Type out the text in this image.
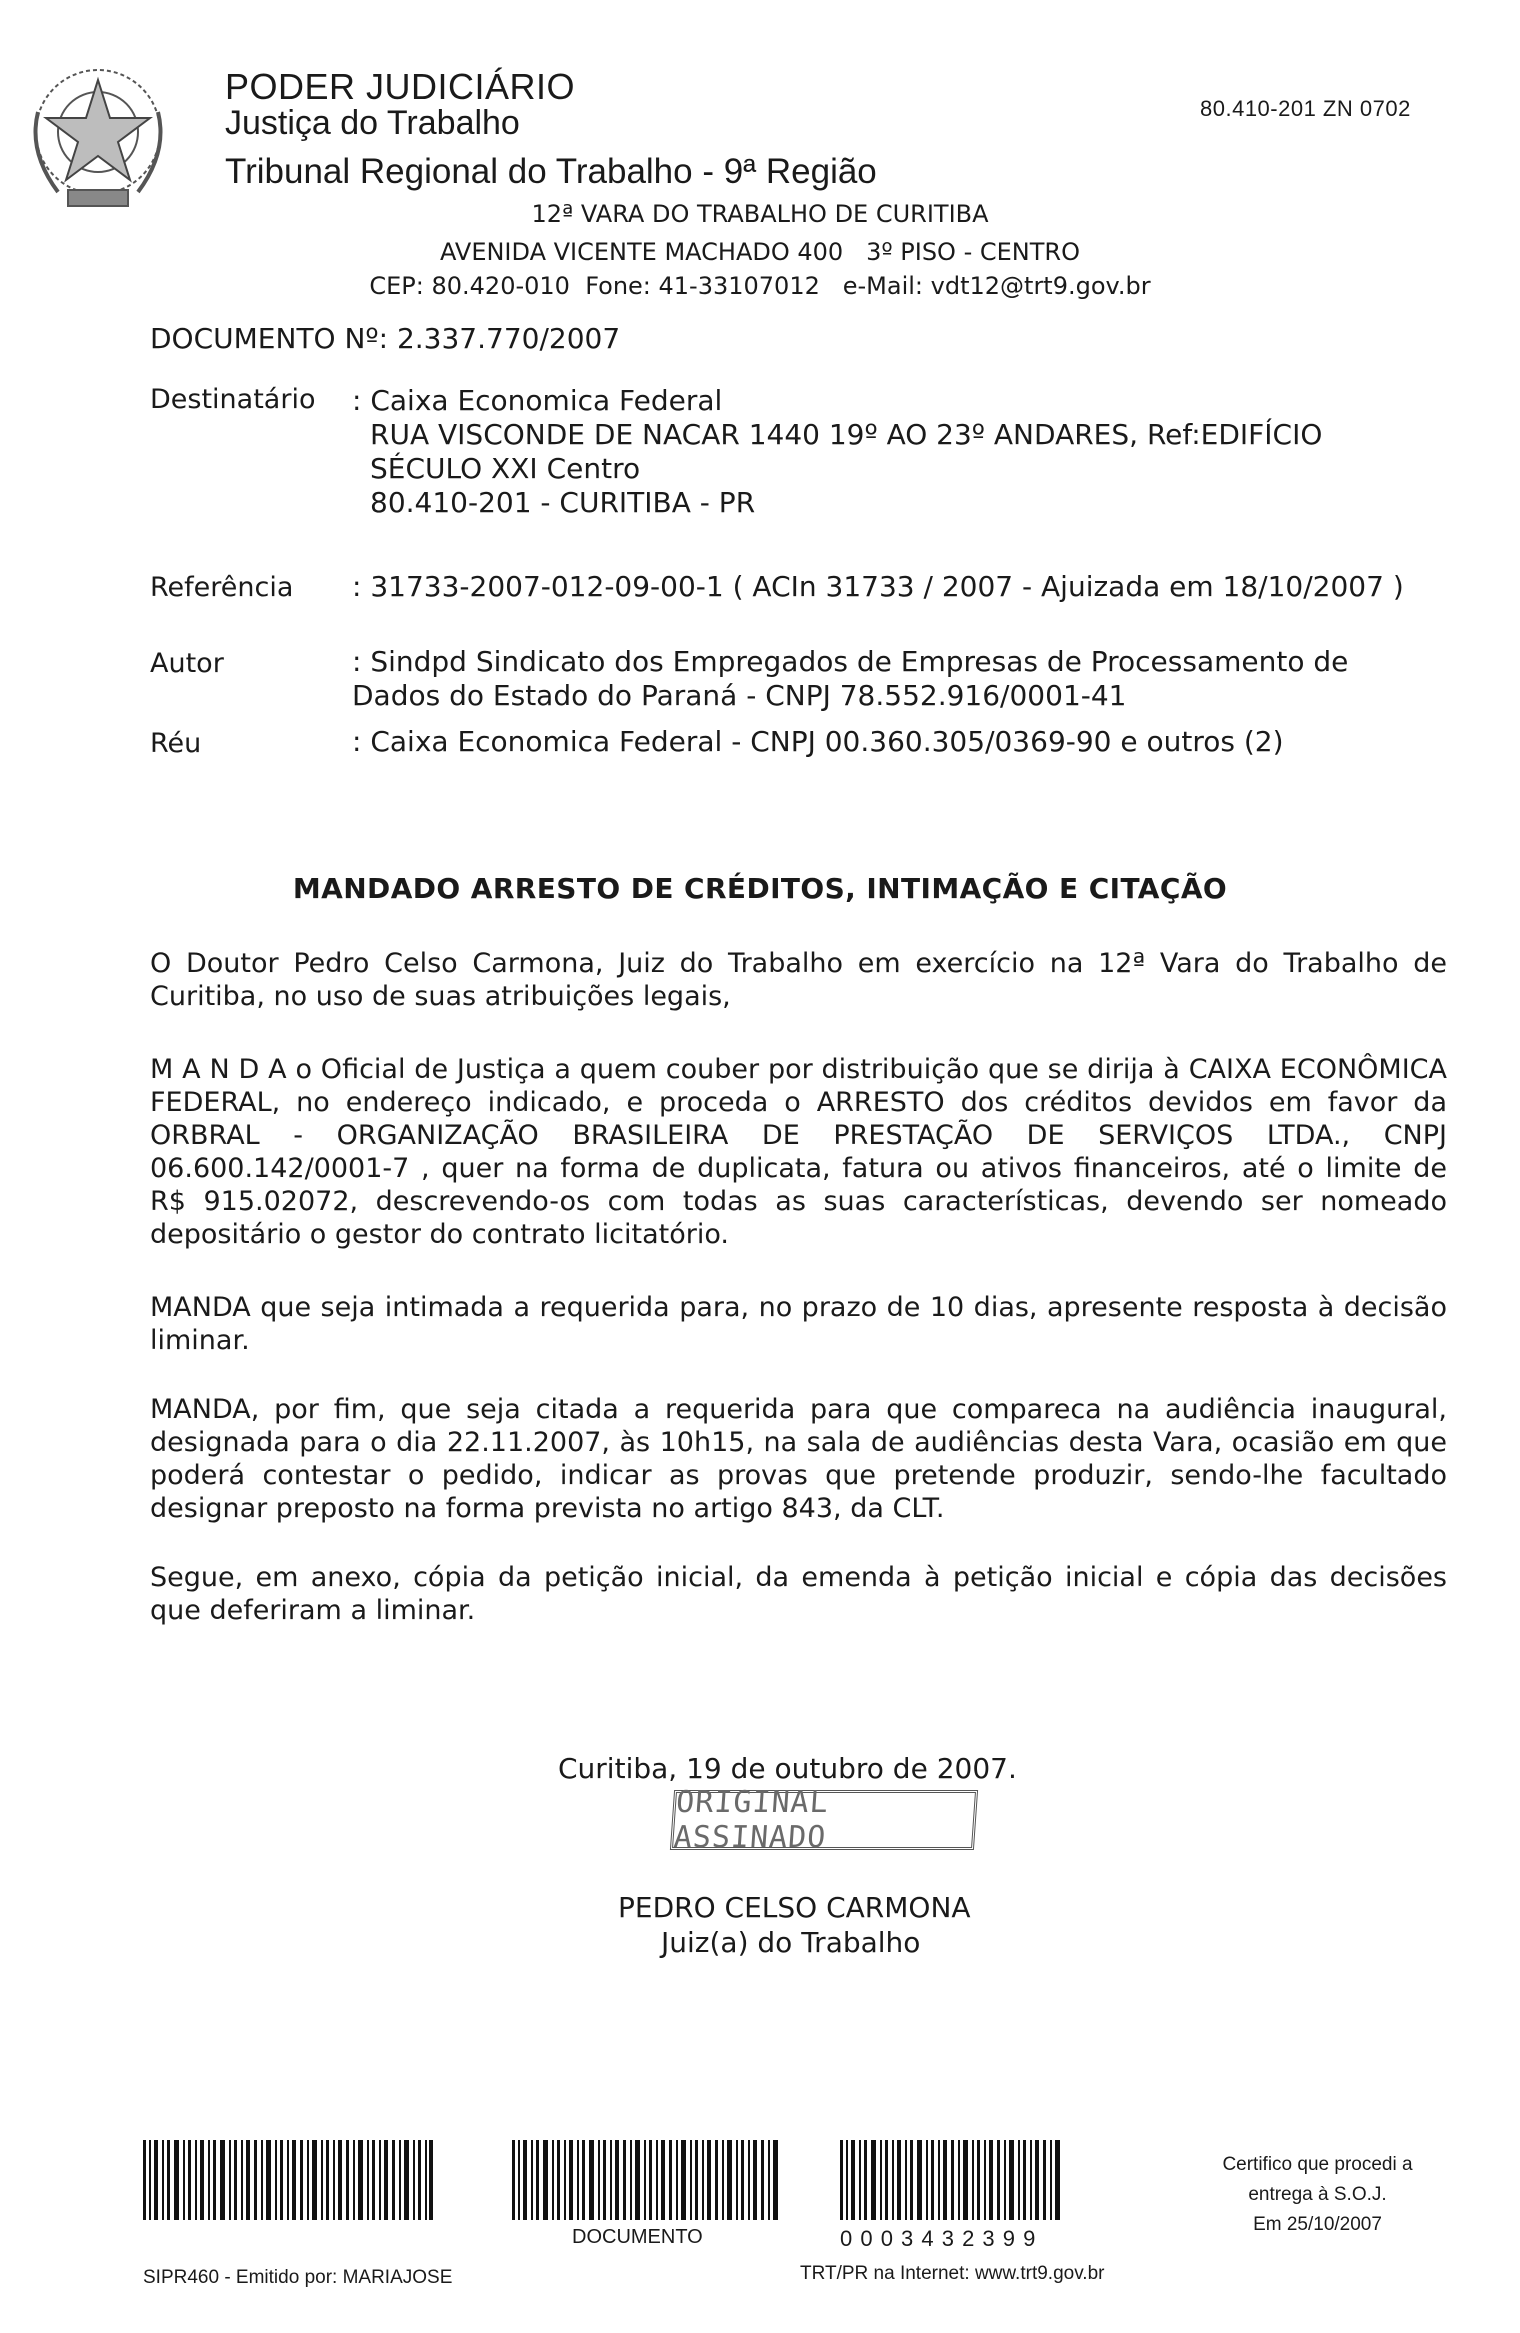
PODER JUDICIÁRIO
Justiça do Trabalho
Tribunal Regional do Trabalho - 9ª Região
80.410-201 ZN 0702
12ª VARA DO TRABALHO DE CURITIBA
AVENIDA VICENTE MACHADO 400   3º PISO - CENTRO
CEP: 80.420-010  Fone: 41-33107012   e-Mail: vdt12@trt9.gov.br
DOCUMENTO Nº: 2.337.770/2007
Destinatário : Caixa Economica Federal
RUA VISCONDE DE NACAR 1440 19º AO 23º ANDARES, Ref:EDIFÍCIO
SÉCULO XXI Centro
80.410-201 - CURITIBA - PR
Referência : 31733-2007-012-09-00-1 ( ACIn 31733 / 2007 - Ajuizada em 18/10/2007 )
Autor	: Sindpd Sindicato dos Empregados de Empresas de Processamento de Dados do Estado do Paraná - CNPJ 78.552.916/0001-41
Réu	: Caixa Economica Federal - CNPJ 00.360.305/0369-90 e outros (2)
MANDADO ARRESTO DE CRÉDITOS, INTIMAÇÃO E CITAÇÃO
O Doutor Pedro Celso Carmona, Juiz do Trabalho em exercício na 12ª Vara do Trabalho de Curitiba, no uso de suas atribuições legais,
M A N D A o Oficial de Justiça a quem couber por distribuição que se dirija à CAIXA ECONÔMICA FEDERAL, no endereço indicado, e proceda o ARRESTO dos créditos devidos em favor da ORBRAL - ORGANIZAÇÃO BRASILEIRA DE PRESTAÇÃO DE SERVIÇOS LTDA., CNPJ 06.600.142/0001-7 , quer na forma de duplicata, fatura ou ativos financeiros, até o limite de R$ 915.02072, descrevendo-os com todas as suas características, devendo ser nomeado depositário o gestor do contrato licitatório.
MANDA que seja intimada a requerida para, no prazo de 10 dias, apresente resposta à decisão liminar.
MANDA, por fim, que seja citada a requerida para que compareca na audiência inaugural, designada para o dia 22.11.2007, às 10h15, na sala de audiências desta Vara, ocasião em que poderá contestar o pedido, indicar as provas que pretende produzir, sendo-lhe facultado designar preposto na forma prevista no artigo 843, da CLT.
Segue, em anexo, cópia da petição inicial, da emenda à petição inicial e cópia das decisões que deferiram a liminar.
Curitiba, 19 de outubro de 2007.
ORIGINAL ASSINADO
PEDRO CELSO CARMONA
Juiz(a) do Trabalho
DOCUMENTO	0 0 0 3 4 3 2 3 9 9
SIPR460 - Emitido por: MARIAJOSE	TRT/PR na Internet: www.trt9.gov.br
Certifico que procedi a
entrega à S.O.J.
Em 25/10/2007
